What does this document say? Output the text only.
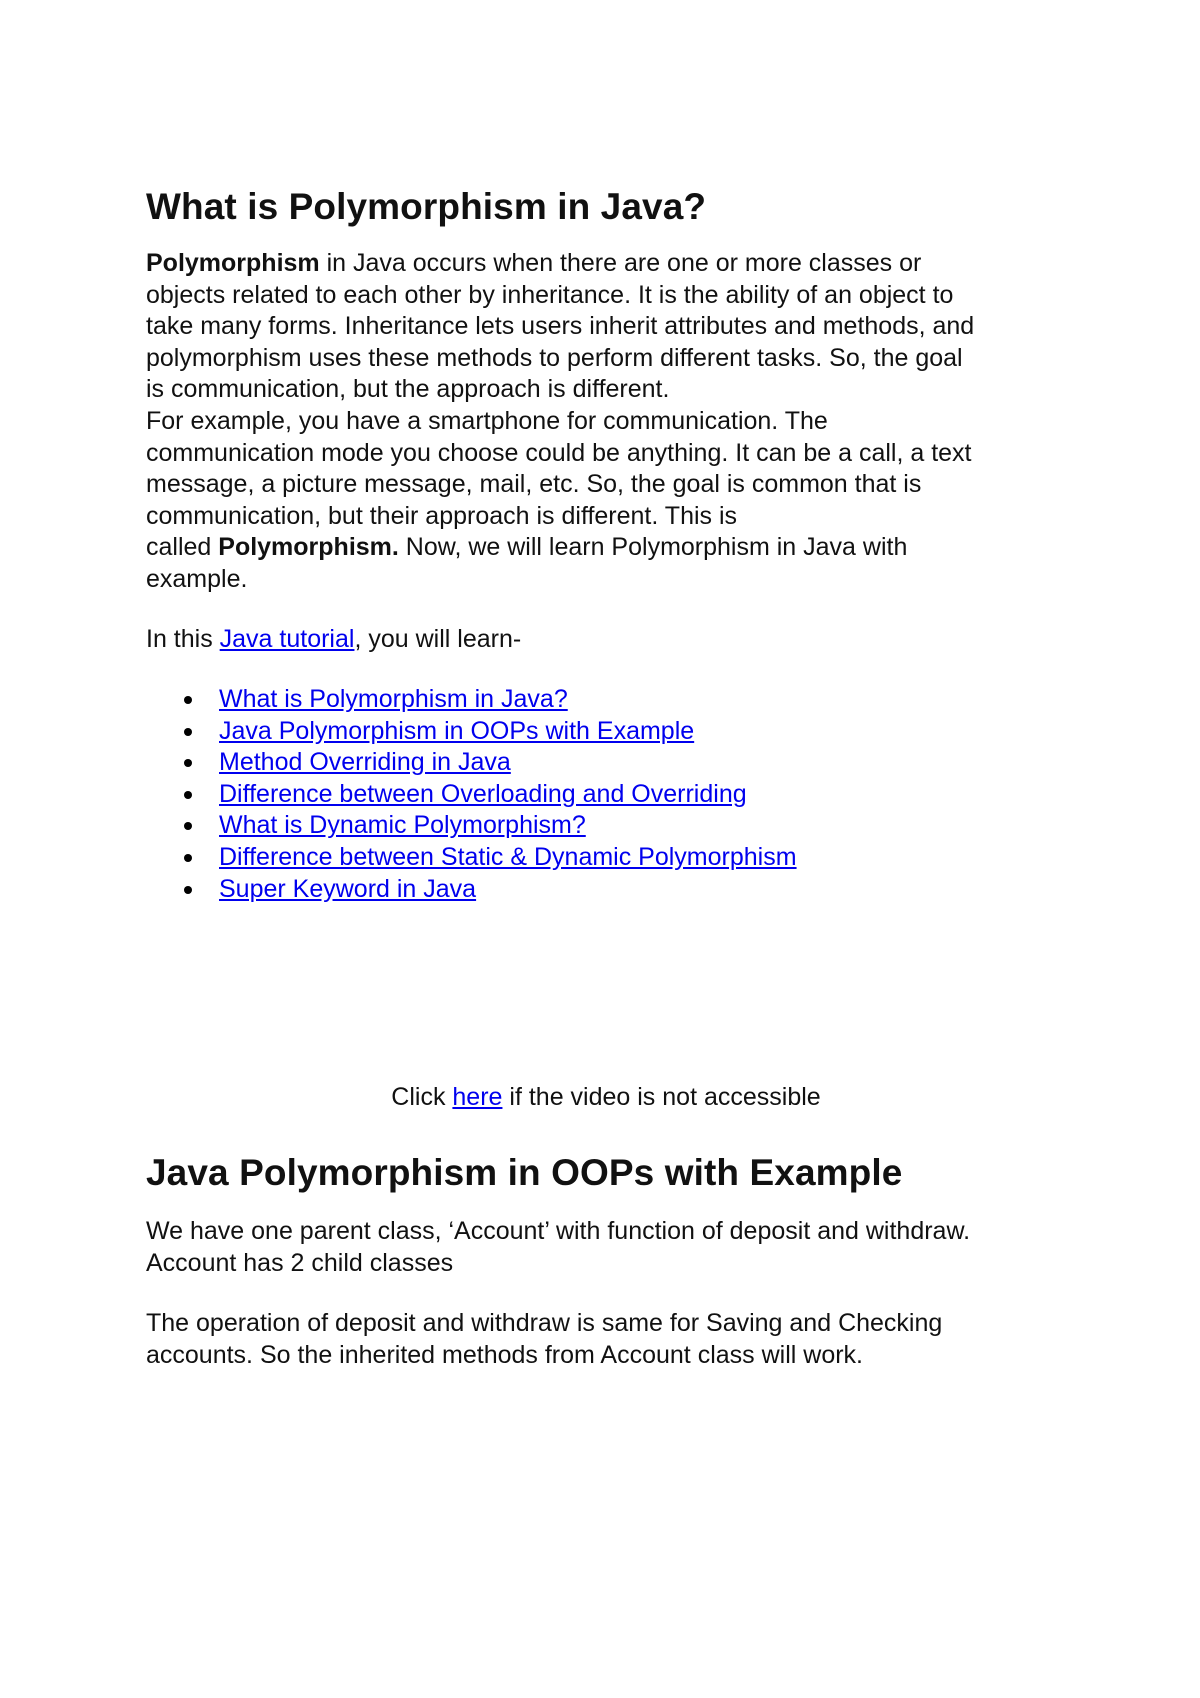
What is Polymorphism in Java?
Polymorphism in Java occurs when there are one or more classes or
objects related to each other by inheritance. It is the ability of an object to
take many forms. Inheritance lets users inherit attributes and methods, and
polymorphism uses these methods to perform different tasks. So, the goal
is communication, but the approach is different.
For example, you have a smartphone for communication. The
communication mode you choose could be anything. It can be a call, a text
message, a picture message, mail, etc. So, the goal is common that is
communication, but their approach is different. This is
called Polymorphism. Now, we will learn Polymorphism in Java with
example.
In this Java tutorial, you will learn-
What is Polymorphism in Java?
Java Polymorphism in OOPs with Example
Method Overriding in Java
Difference between Overloading and Overriding
What is Dynamic Polymorphism?
Difference between Static & Dynamic Polymorphism
Super Keyword in Java
Click here if the video is not accessible
Java Polymorphism in OOPs with Example
We have one parent class, ‘Account’ with function of deposit and withdraw.
Account has 2 child classes
The operation of deposit and withdraw is same for Saving and Checking
accounts. So the inherited methods from Account class will work.
